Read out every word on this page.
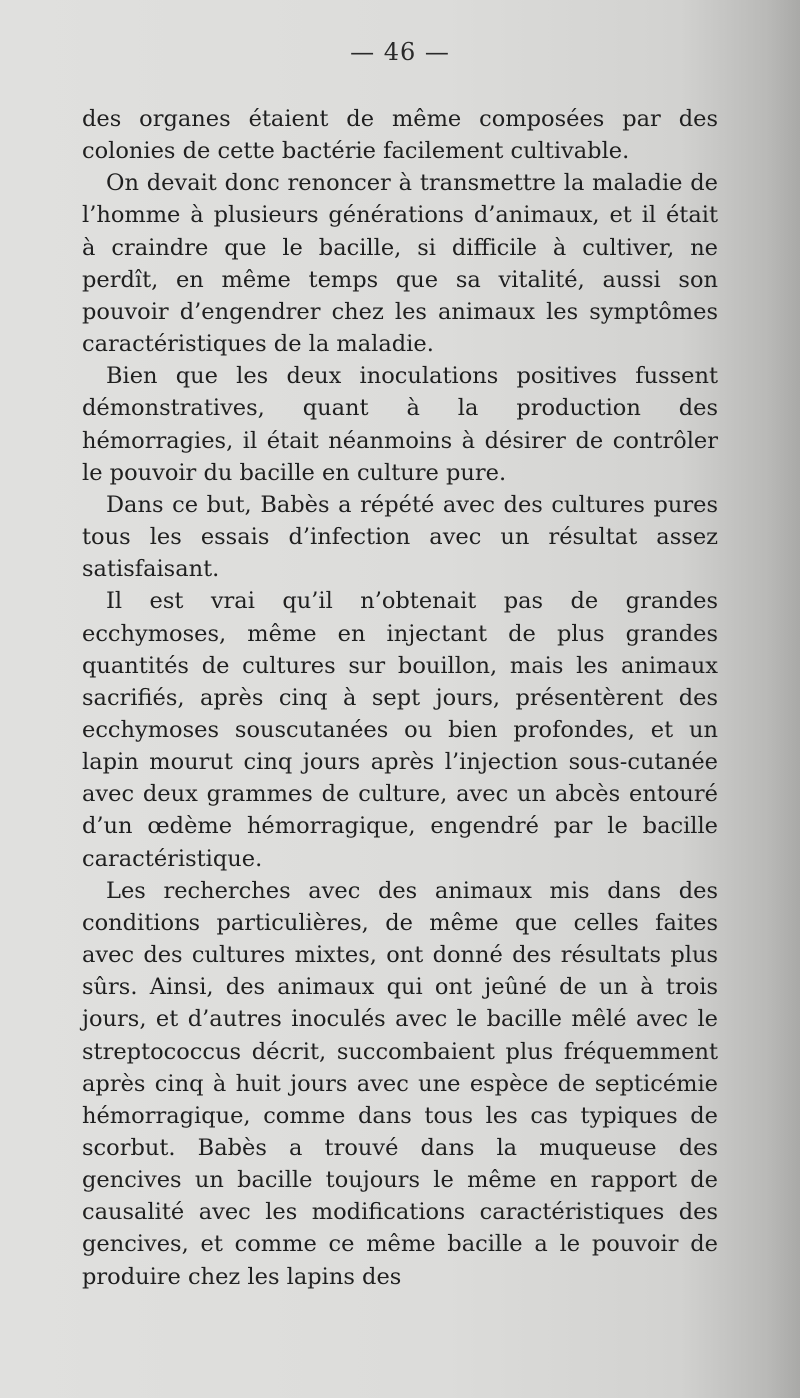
— 46 —

des organes étaient de même composées par des colonies de cette bactérie facilement cultivable.

On devait donc renoncer à transmettre la maladie de l’homme à plusieurs générations d’animaux, et il était à craindre que le bacille, si difficile à cultiver, ne perdît, en même temps que sa vitalité, aussi son pouvoir d’engendrer chez les animaux les symptômes caractéristiques de la maladie.

Bien que les deux inoculations positives fussent démonstratives, quant à la production des hémorragies, il était néanmoins à désirer de contrôler le pouvoir du bacille en culture pure.

Dans ce but, Babès a répété avec des cultures pures tous les essais d’infection avec un résultat assez satisfaisant.

Il est vrai qu’il n’obtenait pas de grandes ecchymoses, même en injectant de plus grandes quantités de cultures sur bouillon, mais les animaux sacrifiés, après cinq à sept jours, présentèrent des ecchymoses souscutanées ou bien profondes, et un lapin mourut cinq jours après l’injection sous-cutanée avec deux grammes de culture, avec un abcès entouré d’un œdème hémorragique, engendré par le bacille caractéristique.

Les recherches avec des animaux mis dans des conditions particulières, de même que celles faites avec des cultures mixtes, ont donné des résultats plus sûrs. Ainsi, des animaux qui ont jeûné de un à trois jours, et d’autres inoculés avec le bacille mêlé avec le streptococcus décrit, succombaient plus fréquemment après cinq à huit jours avec une espèce de septicémie hémorragique, comme dans tous les cas typiques de scorbut. Babès a trouvé dans la muqueuse des gencives un bacille toujours le même en rapport de causalité avec les modifications caractéristiques des gencives, et comme ce même bacille a le pouvoir de produire chez les lapins des
